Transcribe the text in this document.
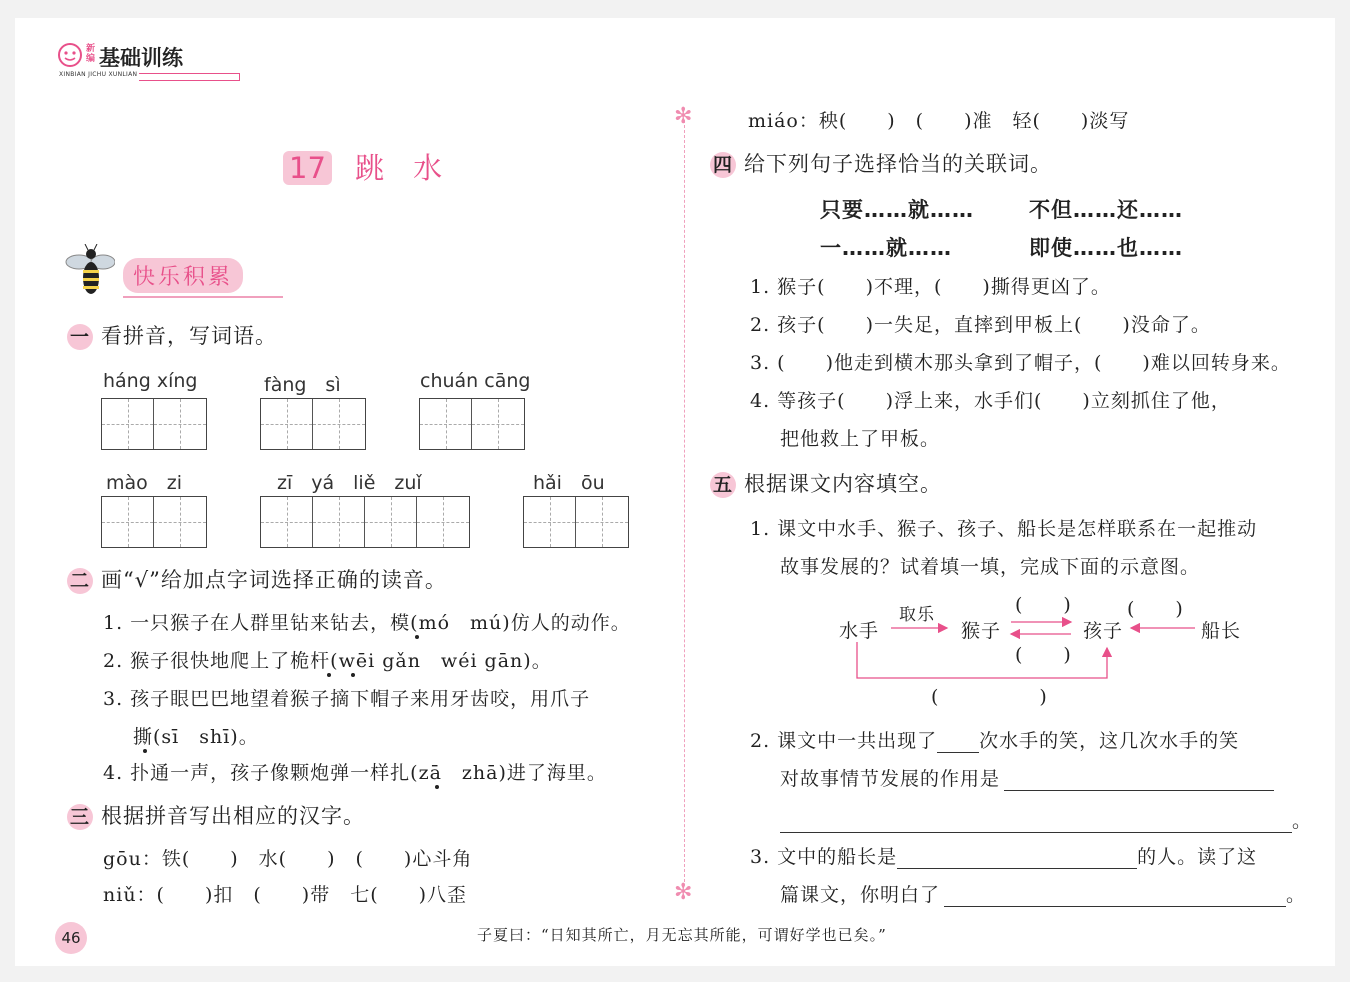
新编 基础训练
XINBIAN JICHU XUNLIAN
17 跳　水
快乐积累
一 看拼音，写词语。
háng xíng	fàng　sì	chuán cāng
mào　zi	zī　yá　liě　zuǐ	hǎi　ōu
二 画“√”给加点字词选择正确的读音。
1. 一只猴子在人群里钻来钻去，模(mó　mú)仿人的动作。
2. 猴子很快地爬上了桅杆(wēi gǎn　wéi gān)。
3. 孩子眼巴巴地望着猴子摘下帽子来用牙齿咬，用爪子
撕(sī　shī)。
4. 扑通一声，孩子像颗炮弹一样扎(zā　zhā)进了海里。
三 根据拼音写出相应的汉字。
gōu：铁(　　)　水(　　)　(　　)心斗角
niǔ：(　　)扣　(　　)带　七(　　)八歪
46	子夏曰：“日知其所亡，月无忘其所能，可谓好学也已矣。”
✻
✻
miáo：秧(　　)　(　　)准　轻(　　)淡写
四 给下列句子选择恰当的关联词。
只要……就……	不但……还……
一……就……	即使……也……
1. 猴子(　　)不理，(　　)撕得更凶了。
2. 孩子(　　)一失足，直摔到甲板上(　　)没命了。
3. (　　)他走到横木那头拿到了帽子，(　　)难以回转身来。
4. 等孩子(　　)浮上来，水手们(　　)立刻抓住了他，
把他救上了甲板。
五 根据课文内容填空。
1. 课文中水手、猴子、孩子、船长是怎样联系在一起推动
故事发展的？试着填一填，完成下面的示意图。
水手
取乐
猴子
(　　)
(　　)
孩子
(　　)
船长
(　　　　　)
2. 课文中一共出现了 次水手的笑，这几次水手的笑
对故事情节发展的作用是
。
3. 文中的船长是	的人。读了这
篇课文，你明白了	。
